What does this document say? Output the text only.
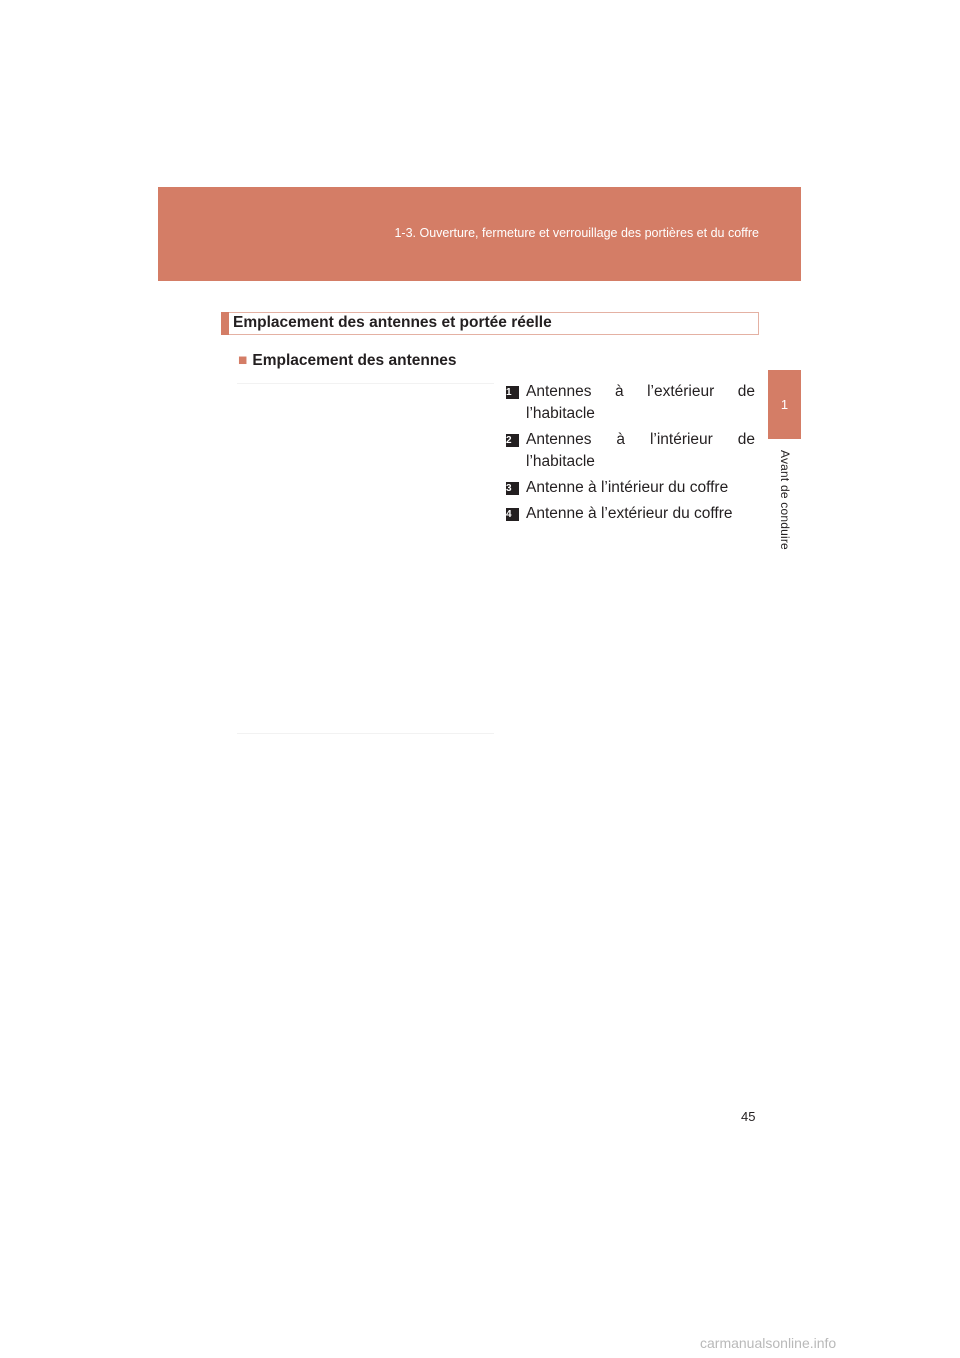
1-3. Ouverture, fermeture et verrouillage des portières et du coffre
1
Avant de conduire
Emplacement des antennes et portée réelle
■ Emplacement des antennes
1 Antennes à l’extérieur de l’habitacle
2 Antennes à l’intérieur de l’habitacle
3 Antenne à l’intérieur du coffre
4 Antenne à l’extérieur du coffre
45
carmanualsonline.info
